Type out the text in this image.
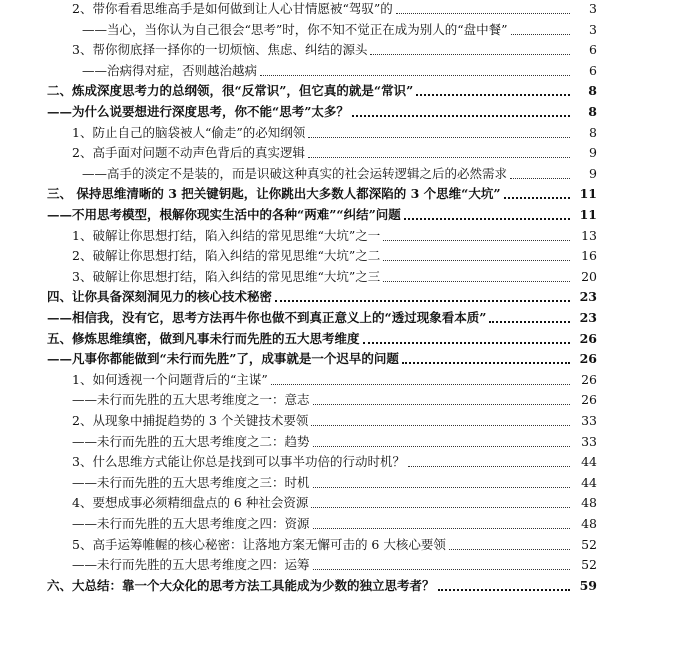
2、带你看看思维高手是如何做到让人心甘情愿被“驾驭”的	3
——当心，当你认为自己很会“思考”时，你不知不觉正在成为别人的“盘中餐”	3
3、帮你彻底择一择你的一切烦恼、焦虑、纠结的源头	6
——治病得对症，否则越治越病	6
二、炼成深度思考力的总纲领，很“反常识”，但它真的就是“常识”	8
——为什么说要想进行深度思考，你不能“思考”太多？	8
1、防止自己的脑袋被人“偷走”的必知纲领	8
2、高手面对问题不动声色背后的真实逻辑	9
——高手的淡定不是装的，而是识破这种真实的社会运转逻辑之后的必然需求	9
三、 保持思维清晰的 3 把关键钥匙，让你跳出大多数人都深陷的 3 个思维“大坑”	11
——不用思考模型，根解你现实生活中的各种“两难”“纠结”问题	11
1、破解让你思想打结，陷入纠结的常见思维“大坑”之一	13
2、破解让你思想打结，陷入纠结的常见思维“大坑”之二	16
3、破解让你思想打结，陷入纠结的常见思维“大坑”之三	20
四、让你具备深刻洞见力的核心技术秘密	23
——相信我，没有它，思考方法再牛你也做不到真正意义上的“透过现象看本质”	23
五、修炼思维缜密，做到凡事未行而先胜的五大思考维度	26
——凡事你都能做到“未行而先胜”了，成事就是一个迟早的问题	26
1、如何透视一个问题背后的“主谋”	26
——未行而先胜的五大思考维度之一：意志	26
2、从现象中捕捉趋势的 3 个关键技术要领	33
——未行而先胜的五大思考维度之二：趋势	33
3、什么思维方式能让你总是找到可以事半功倍的行动时机？	44
——未行而先胜的五大思考维度之三：时机	44
4、要想成事必须精细盘点的 6 种社会资源	48
——未行而先胜的五大思考维度之四：资源	48
5、高手运筹帷幄的核心秘密：让落地方案无懈可击的 6 大核心要领	52
——未行而先胜的五大思考维度之四：运筹	52
六、大总结：靠一个大众化的思考方法工具能成为少数的独立思考者？	59
